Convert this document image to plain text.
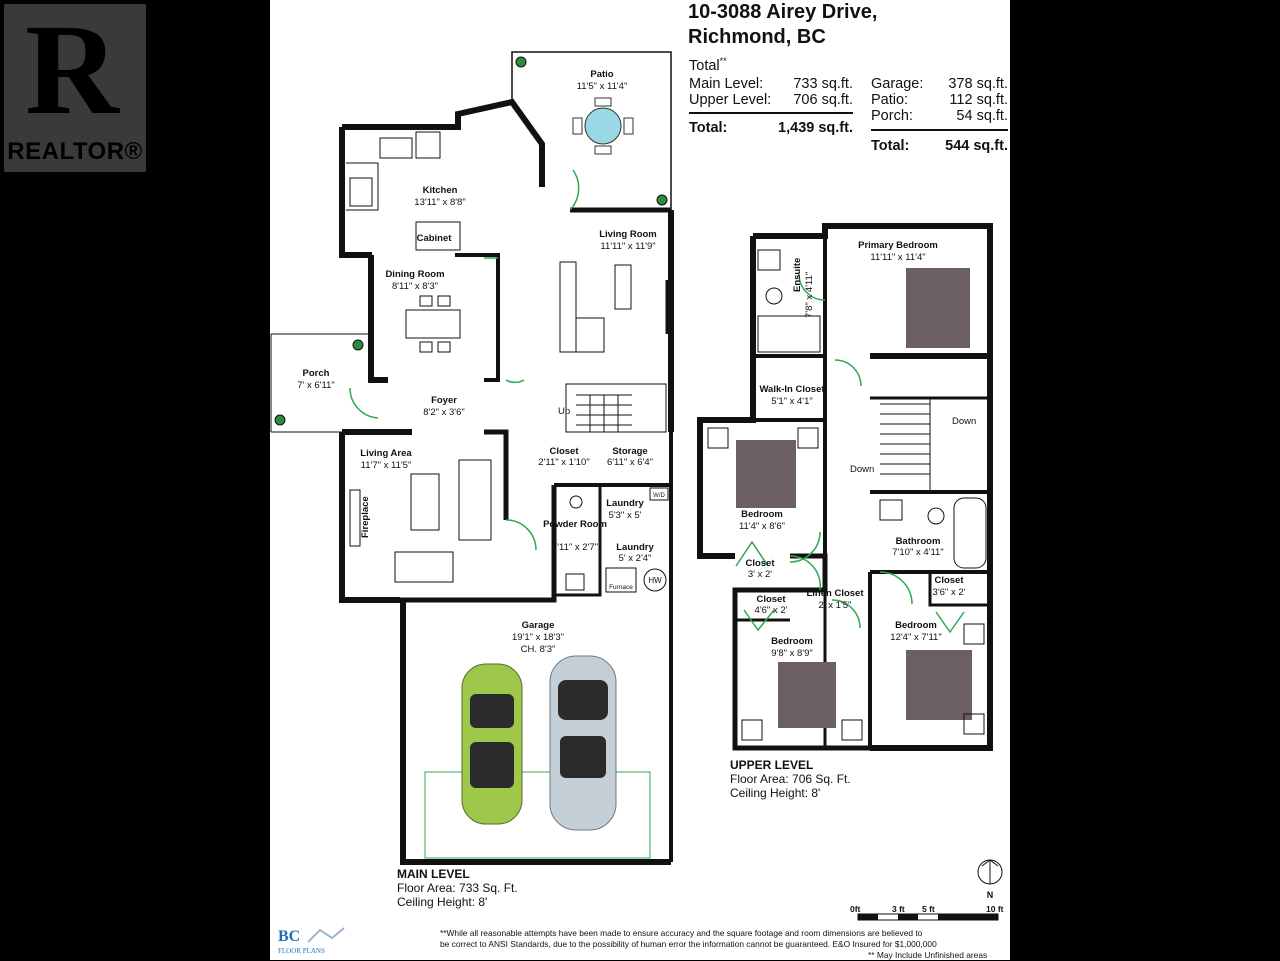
R
REALTOR®
10-3088 Airey Drive,
Richmond, BC
Total**
Main Level:	733 sq.ft.
Upper Level:	706 sq.ft.
Total:	1,439 sq.ft.
Garage:	378 sq.ft.
Patio:	112 sq.ft.
Porch:	54 sq.ft.
Total:	544 sq.ft.
Patio
11'5" x 11'4"
Kitchen
13'11" x 8'8"
Cabinet	Living Room
11'11" x 11'9"
Dining Room
8'11" x 8'3"
Porch
7' x 6'11"
Foyer
8'2" x 3'6"	Up
Closet
2'11" x 1'10"
Storage
6'11" x 6'4"
Living Area
11'7" x 11'5"
Fireplace	Laundry
5'3" x 5'
Powder Room
7'11" x 2'7" Laundry
5' x 2'4"
Furnace
HW
W/D
Garage
19'1" x 18'3"
CH. 8'3"
Primary Bedroom
11'11" x 11'4"
Ensuite 7'8" x 4'11"
Walk-In Closet
5'1" x 4'1"
Down
Down
Bedroom
11'4" x 8'6"
Bathroom
7'10" x 4'11"
Closet
3' x 2'
Closet
3'6" x 2'
Closet
4'6" x 2'
Linen Closet
2' x 1'5"
Bedroom
9'8" x 8'9"
Bedroom
12'4" x 7'11"
N
MAIN LEVEL
Floor Area: 733 Sq. Ft.
Ceiling Height: 8'
UPPER LEVEL
Floor Area: 706 Sq. Ft.
Ceiling Height: 8'
0ft	3 ft 5 ft	10 ft
BC
FLOOR PLANS
**While all reasonable attempts have been made to ensure accuracy and the square footage and room dimensions are believed to
be correct to ANSI Standards, due to the possibility of human error the information cannot be guaranteed. E&O Insured for $1,000,000
** May Include Unfinished areas
